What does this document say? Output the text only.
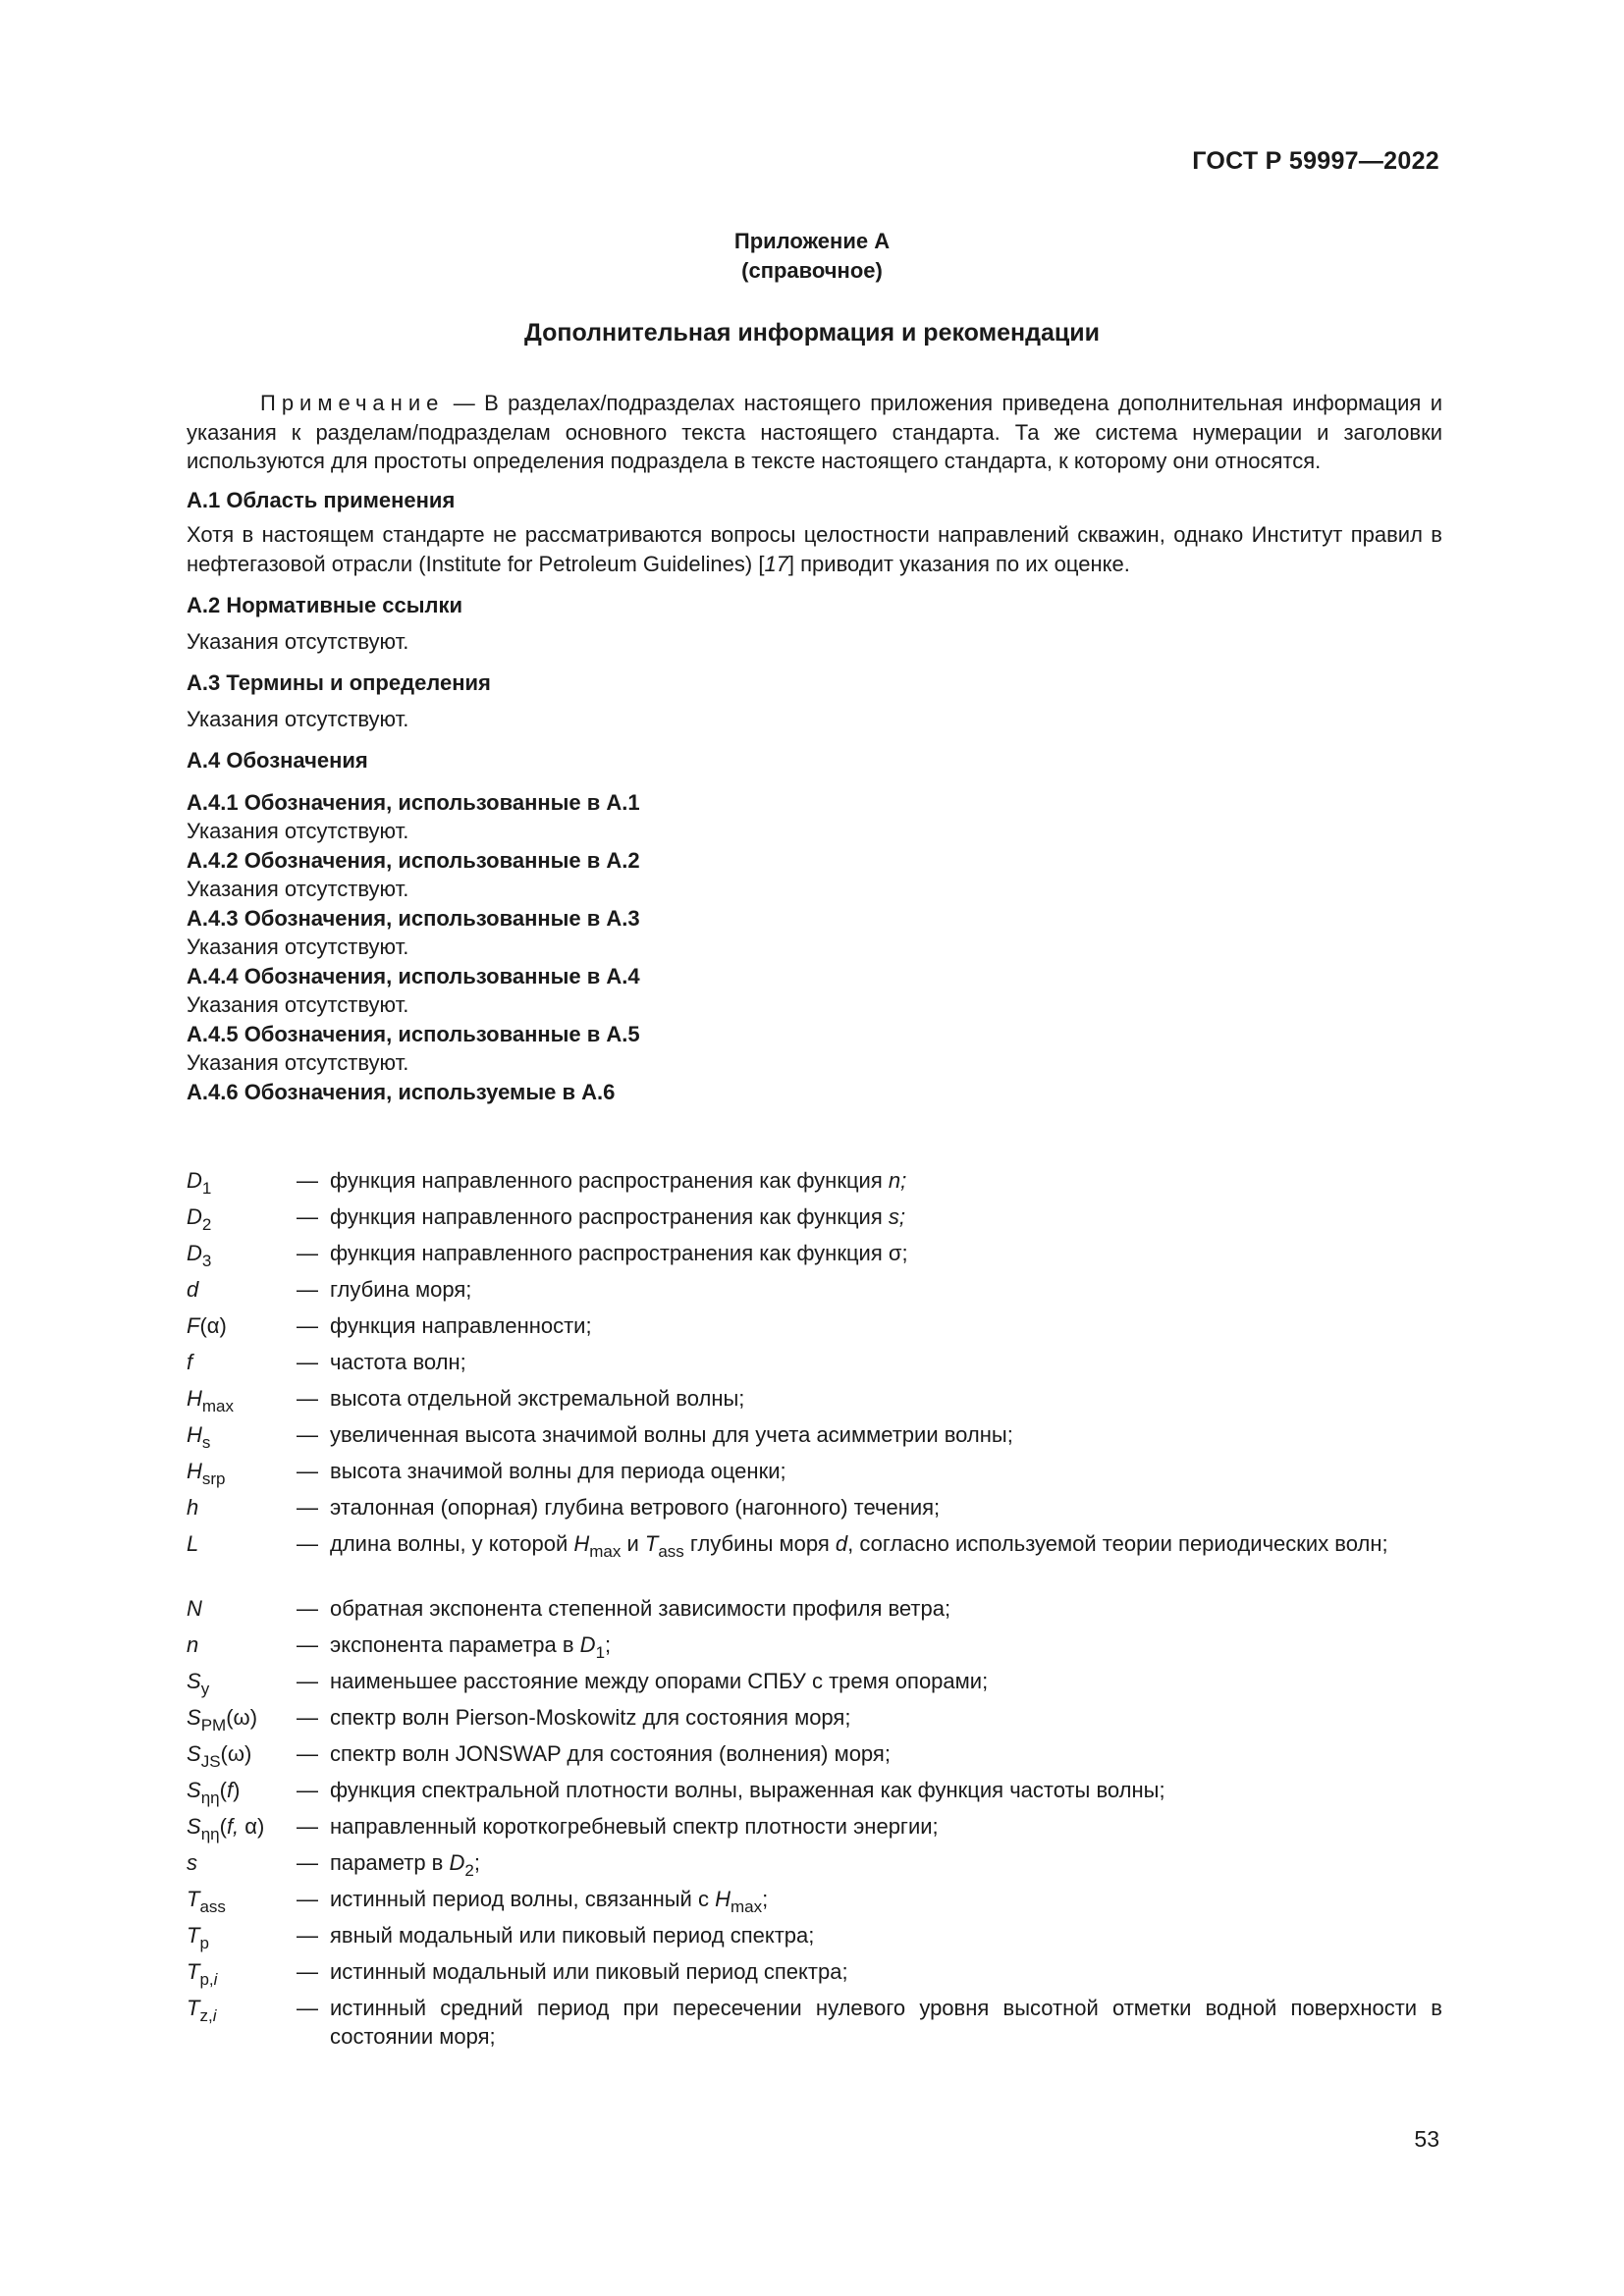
ГОСТ Р 59997—2022
Приложение А
(справочное)
Дополнительная информация и рекомендации

Примечание — В разделах/подразделах настоящего приложения приведена дополнительная информация и указания к разделам/подразделам основного текста настоящего стандарта. Та же система нумерации и заголовки используются для простоты определения подраздела в тексте настоящего стандарта, к которому они относятся.

А.1 Область применения

Хотя в настоящем стандарте не рассматриваются вопросы целостности направлений скважин, однако Институт правил в нефтегазовой отрасли (Institute for Petroleum Guidelines) [17] приводит указания по их оценке.

А.2 Нормативные ссылки
Указания отсутствуют.
А.3 Термины и определения
Указания отсутствуют.
А.4 Обозначения
А.4.1 Обозначения, использованные в А.1
Указания отсутствуют.
А.4.2 Обозначения, использованные в А.2
Указания отсутствуют.
А.4.3 Обозначения, использованные в А.3
Указания отсутствуют.
А.4.4 Обозначения, использованные в А.4
Указания отсутствуют.
А.4.5 Обозначения, использованные в А.5
Указания отсутствуют.
А.4.6 Обозначения, используемые в А.6
$D_1$	— функция направленного распространения как функция n;
$D_2$	— функция направленного распространения как функция s;
$D_3$	— функция направленного распространения как функция σ;
d	— глубина моря;
F(α)	— функция направленности;
f	— частота волн;
$H_{max}$	— высота отдельной экстремальной волны;
$H_s$	— увеличенная высота значимой волны для учета асимметрии волны;
$H_{srp}$	— высота значимой волны для периода оценки;
h	— эталонная (опорная) глубина ветрового (нагонного) течения;
L	— длина волны, у которой $H_{max}$ и $T_{ass}$ глубины моря d, согласно используемой теории периодических волн;
N	— обратная экспонента степенной зависимости профиля ветра;
n	— экспонента параметра в $D_1$;
$S_y$	— наименьшее расстояние между опорами СПБУ с тремя опорами;
$S_{PM}(\omega)$	— спектр волн Pierson-Moskowitz для состояния моря;
$S_{JS}(\omega)$	— спектр волн JONSWAP для состояния (волнения) моря;
$S_{\eta\eta}(f)$	— функция спектральной плотности волны, выраженная как функция частоты волны;
$S_{\eta\eta}(f$, α)	— направленный короткогребневый спектр плотности энергии;
s	— параметр в $D_2$;
$T_{ass}$	— истинный период волны, связанный с $H_{max}$;
$T_p$	— явный модальный или пиковый период спектра;
$T_{p,i}$	— истинный модальный или пиковый период спектра;
$T_{z,i}$	— истинный средний период при пересечении нулевого уровня высотной отметки водной поверхности в состоянии моря;
53
